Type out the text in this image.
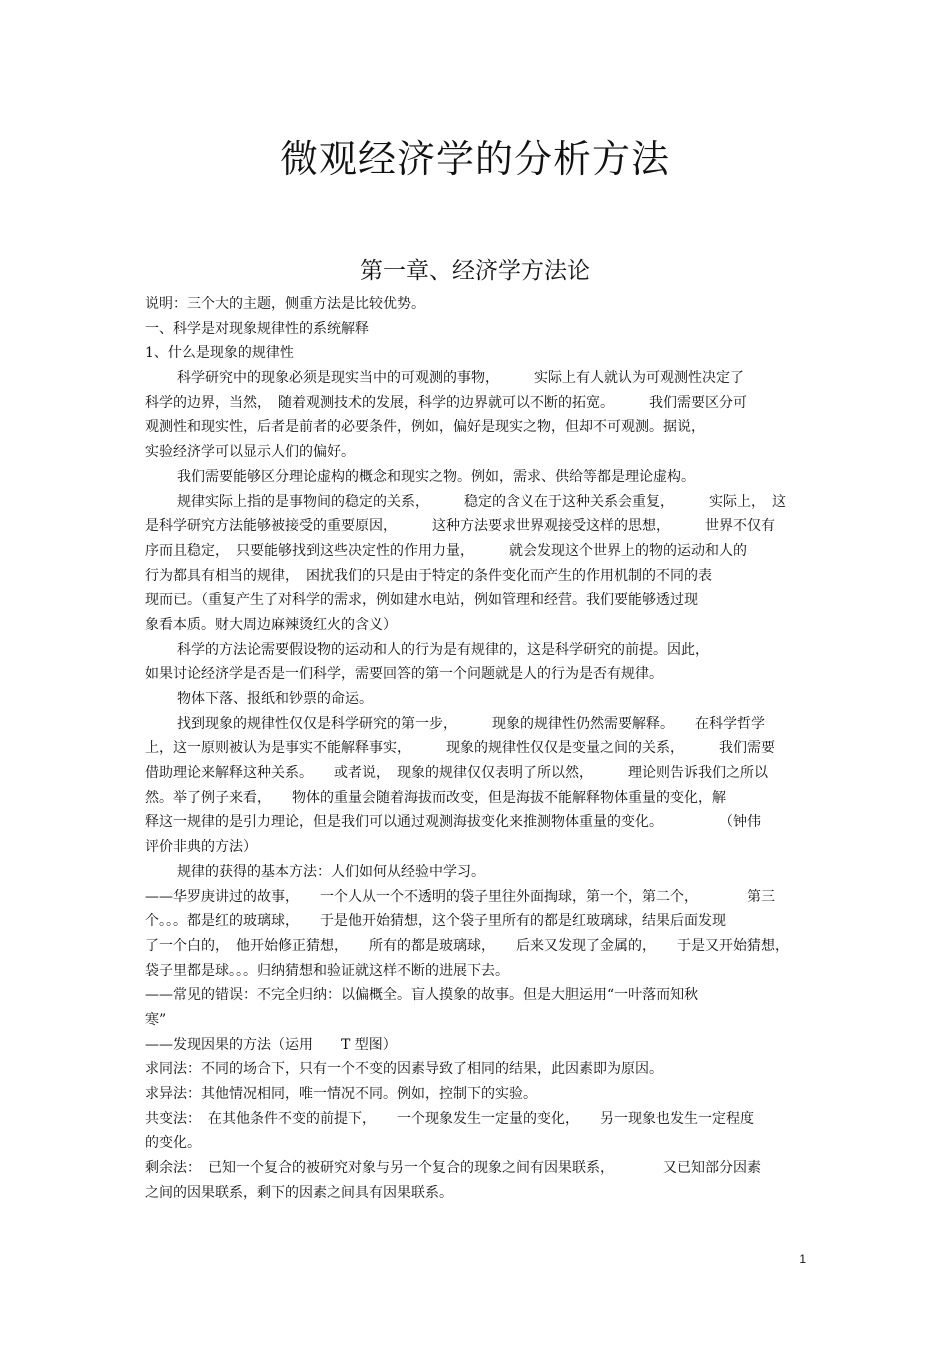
微观经济学的分析方法
第一章、经济学方法论
说明：三个大的主题，侧重方法是比较优势。
一、科学是对现象规律性的系统解释
1、什么是现象的规律性
科学研究中的现象必须是现实当中的可观测的事物，　　　实际上有人就认为可观测性决定了
科学的边界，当然，　随着观测技术的发展，科学的边界就可以不断的拓宽。　　　我们需要区分可
观测性和现实性，后者是前者的必要条件，例如，偏好是现实之物，但却不可观测。据说，
实验经济学可以显示人们的偏好。
我们需要能够区分理论虚构的概念和现实之物。例如，需求、供给等都是理论虚构。
规律实际上指的是事物间的稳定的关系，　　　稳定的含义在于这种关系会重复，　　　实际上，　这
是科学研究方法能够被接受的重要原因，　　　这种方法要求世界观接受这样的思想，　　　世界不仅有
序而且稳定，　只要能够找到这些决定性的作用力量，　　　就会发现这个世界上的物的运动和人的
行为都具有相当的规律，　困扰我们的只是由于特定的条件变化而产生的作用机制的不同的表
现而已。（重复产生了对科学的需求，例如建水电站，例如管理和经营。我们要能够透过现
象看本质。财大周边麻辣烫红火的含义）
科学的方法论需要假设物的运动和人的行为是有规律的，这是科学研究的前提。因此，
如果讨论经济学是否是一们科学，需要回答的第一个问题就是人的行为是否有规律。
物体下落、报纸和钞票的命运。
找到现象的规律性仅仅是科学研究的第一步，　　　现象的规律性仍然需要解释。　　在科学哲学
上，这一原则被认为是事实不能解释事实，　　　现象的规律性仅仅是变量之间的关系，　　　我们需要
借助理论来解释这种关系。　　或者说，　现象的规律仅仅表明了所以然，　　　理论则告诉我们之所以
然。举了例子来看，　　物体的重量会随着海拔而改变，但是海拔不能解释物体重量的变化，解
释这一规律的是引力理论，但是我们可以通过观测海拔变化来推测物体重量的变化。　　　　　（钟伟
评价非典的方法）
规律的获得的基本方法：人们如何从经验中学习。
——华罗庚讲过的故事，　　一个人从一个不透明的袋子里往外面掏球，第一个，第二个，　　　　第三
个。。。都是红的玻璃球，　　于是他开始猜想，这个袋子里所有的都是红玻璃球，结果后面发现
了一个白的，　他开始修正猜想，　　所有的都是玻璃球，　　后来又发现了金属的，　　于是又开始猜想，
袋子里都是球。。。归纳猜想和验证就这样不断的进展下去。
——常见的错误：不完全归纳：以偏概全。盲人摸象的故事。但是大胆运用“一叶落而知秋
寒”
——发现因果的方法（运用　　T 型图）
求同法：不同的场合下，只有一个不变的因素导致了相同的结果，此因素即为原因。
求异法：其他情况相同，唯一情况不同。例如，控制下的实验。
共变法：　在其他条件不变的前提下，　　一个现象发生一定量的变化，　　另一现象也发生一定程度
的变化。
剩余法：　已知一个复合的被研究对象与另一个复合的现象之间有因果联系，　　　　又已知部分因素
之间的因果联系，剩下的因素之间具有因果联系。
1
